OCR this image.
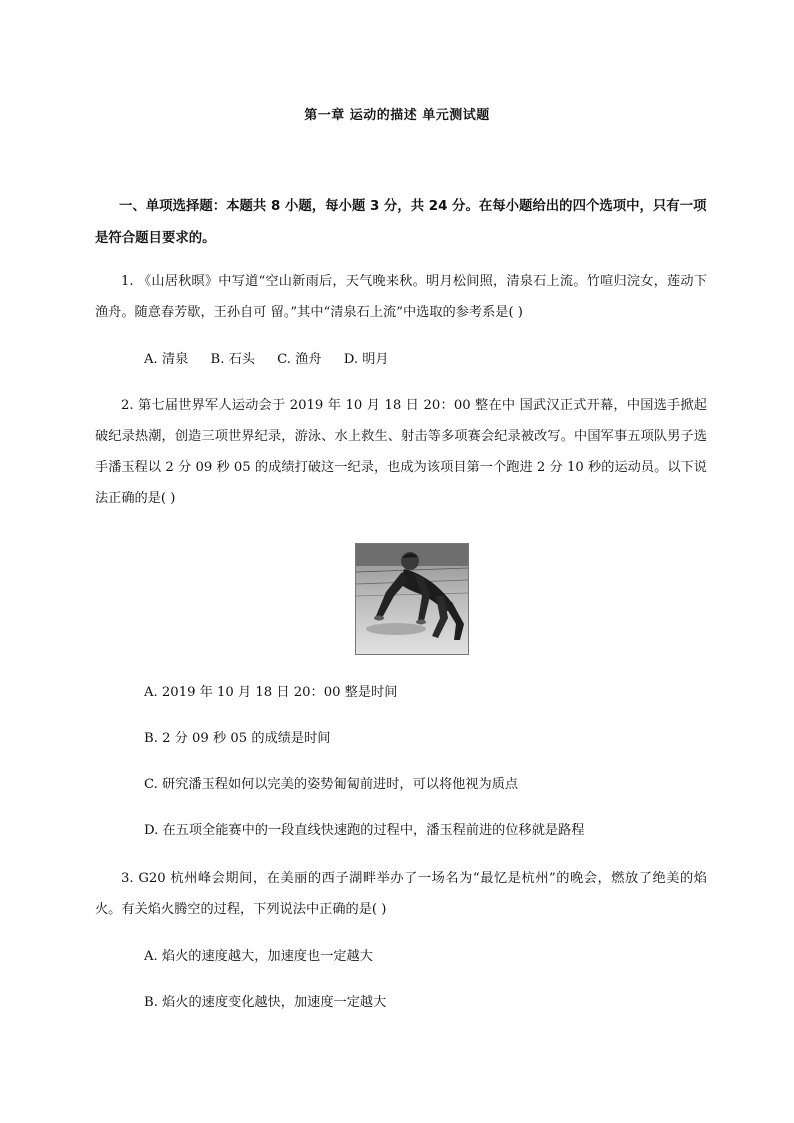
第一章 运动的描述 单元测试题
一、单项选择题：本题共 8 小题，每小题 3 分，共 24 分。在每小题给出的四个选项中，只有一项是符合题目要求的。
1. 《山居秋暝》中写道“空山新雨后，天气晚来秋。明月松间照，清泉石上流。竹喧归浣女，莲动下渔舟。随意春芳歇，王孙自可 留。”其中“清泉石上流”中选取的参考系是( )
A. 清泉 B. 石头 C. 渔舟 D. 明月
2. 第七届世界军人运动会于 2019 年 10 月 18 日 20：00 整在中 国武汉正式开幕，中国选手掀起破纪录热潮，创造三项世界纪录，游泳、水上救生、射击等多项赛会纪录被改写。中国军事五项队男子选手潘玉程以 2 分 09 秒 05 的成绩打破这一纪录，也成为该项目第一个跑进 2 分 10 秒的运动员。以下说法正确的是( )
A. 2019 年 10 月 18 日 20：00 整是时间
B. 2 分 09 秒 05 的成绩是时间
C. 研究潘玉程如何以完美的姿势匍匐前进时，可以将他视为质点
D. 在五项全能赛中的一段直线快速跑的过程中，潘玉程前进的位移就是路程
3. G20 杭州峰会期间，在美丽的西子湖畔举办了一场名为“最忆是杭州”的晚会，燃放了绝美的焰火。有关焰火腾空的过程，下列说法中正确的是( )
A. 焰火的速度越大，加速度也一定越大
B. 焰火的速度变化越快，加速度一定越大
